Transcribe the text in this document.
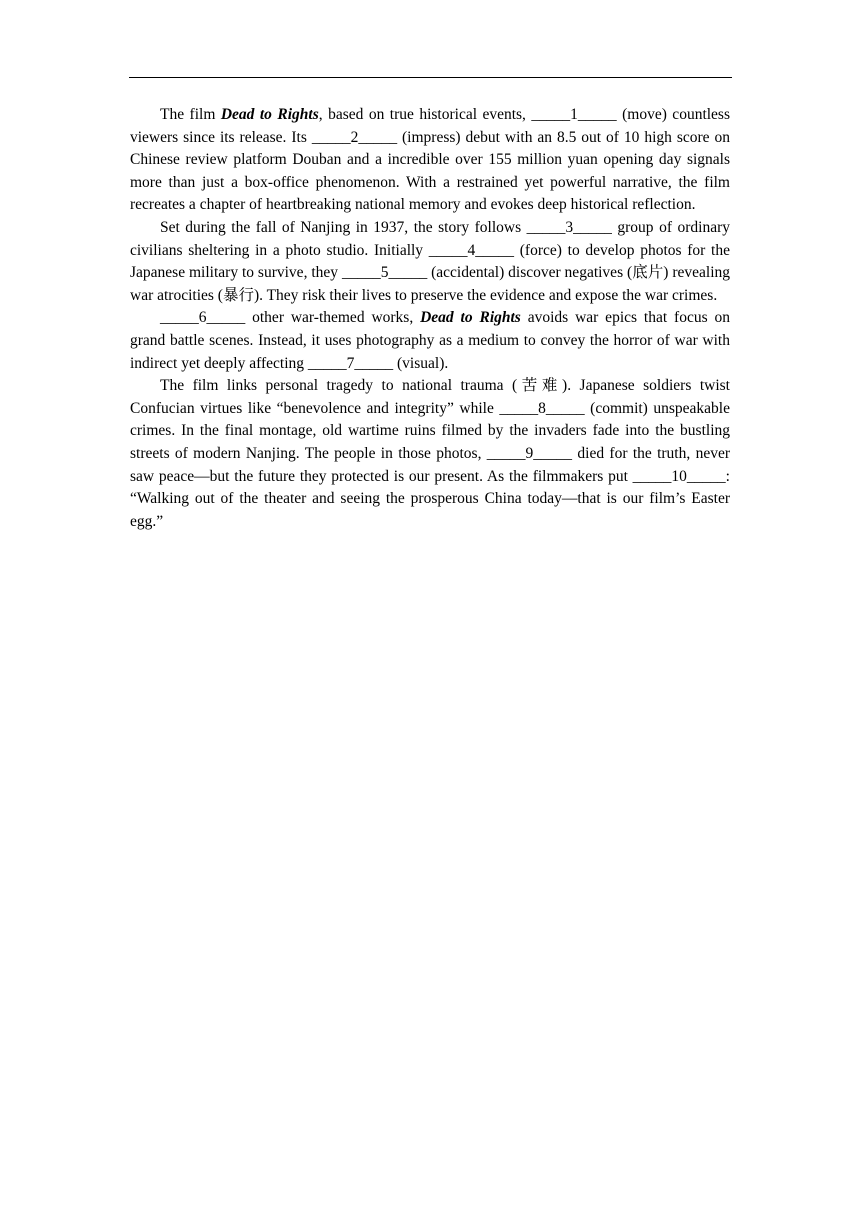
The film Dead to Rights, based on true historical events, _____1_____ (move) countless viewers since its release. Its _____2_____ (impress) debut with an 8.5 out of 10 high score on Chinese review platform Douban and a incredible over 155 million yuan opening day signals more than just a box-office phenomenon. With a restrained yet powerful narrative, the film recreates a chapter of heartbreaking national memory and evokes deep historical reflection.

Set during the fall of Nanjing in 1937, the story follows _____3_____ group of ordinary civilians sheltering in a photo studio. Initially _____4_____ (force) to develop photos for the Japanese military to survive, they _____5_____ (accidental) discover negatives (底片) revealing war atrocities (暴行). They risk their lives to preserve the evidence and expose the war crimes.

_____6_____ other war-themed works, Dead to Rights avoids war epics that focus on grand battle scenes. Instead, it uses photography as a medium to convey the horror of war with indirect yet deeply affecting _____7_____ (visual).

The film links personal tragedy to national trauma (苦难). Japanese soldiers twist Confucian virtues like “benevolence and integrity” while _____8_____ (commit) unspeakable crimes. In the final montage, old wartime ruins filmed by the invaders fade into the bustling streets of modern Nanjing. The people in those photos, _____9_____ died for the truth, never saw peace—but the future they protected is our present. As the filmmakers put _____10_____: “Walking out of the theater and seeing the prosperous China today—that is our film’s Easter egg.”
